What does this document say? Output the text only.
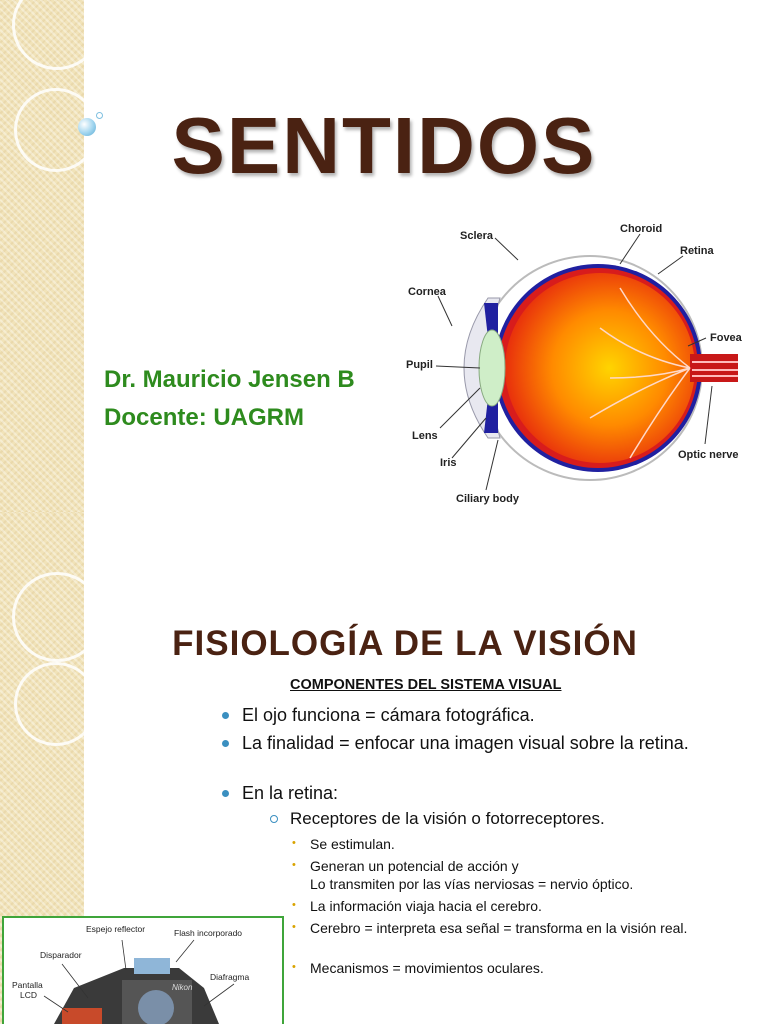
SENTIDOS
Dr. Mauricio Jensen B
Docente: UAGRM
Sclera
Choroid
Retina
Cornea
Fovea
Pupil
Lens
Iris
Optic nerve
Ciliary body
FISIOLOGÍA DE LA VISIÓN
COMPONENTES DEL SISTEMA VISUAL
El ojo funciona = cámara fotográfica.
La finalidad = enfocar una imagen visual sobre la retina.
En la retina:
Receptores de la visión o fotorreceptores.
• Se estimulan.
• Generan un potencial de acción y
Lo transmiten por las vías nerviosas = nervio óptico.
• La información viaja hacia el cerebro.
• Cerebro = interpreta esa señal = transforma en la visión real.
• Mecanismos = movimientos oculares.
Nikon
Espejo reflector	Flash incorporado
Disparador
Diafragma
Pantalla
LCD
